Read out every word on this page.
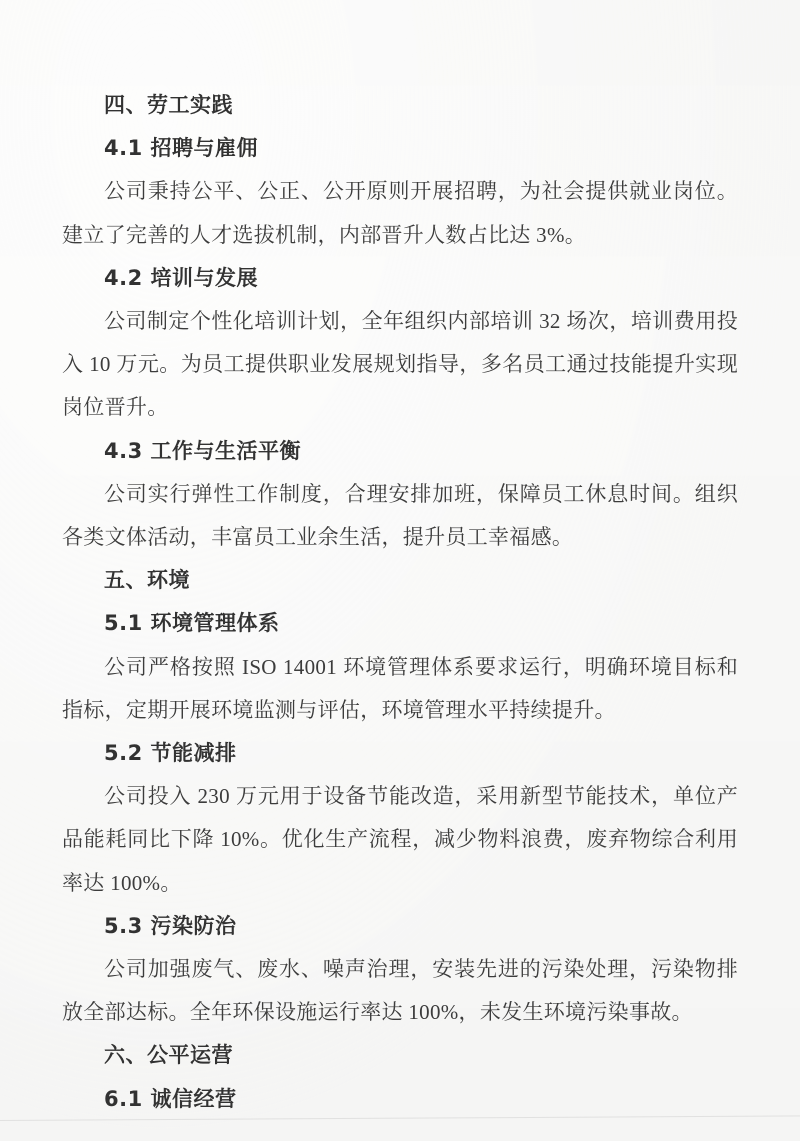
四、劳工实践
4.1 招聘与雇佣

公司秉持公平、公正、公开原则开展招聘，为社会提供就业岗位。建立了完善的人才选拔机制，内部晋升人数占比达 3%。

4.2 培训与发展

公司制定个性化培训计划，全年组织内部培训 32 场次，培训费用投入 10 万元。为员工提供职业发展规划指导，多名员工通过技能提升实现岗位晋升。

4.3 工作与生活平衡

公司实行弹性工作制度，合理安排加班，保障员工休息时间。组织各类文体活动，丰富员工业余生活，提升员工幸福感。

五、环境
5.1 环境管理体系

公司严格按照 ISO 14001 环境管理体系要求运行，明确环境目标和指标，定期开展环境监测与评估，环境管理水平持续提升。

5.2 节能减排

公司投入 230 万元用于设备节能改造，采用新型节能技术，单位产品能耗同比下降 10%。优化生产流程，减少物料浪费，废弃物综合利用率达 100%。

5.3 污染防治

公司加强废气、废水、噪声治理，安装先进的污染处理，污染物排放全部达标。全年环保设施运行率达 100%，未发生环境污染事故。

六、公平运营
6.1 诚信经营
